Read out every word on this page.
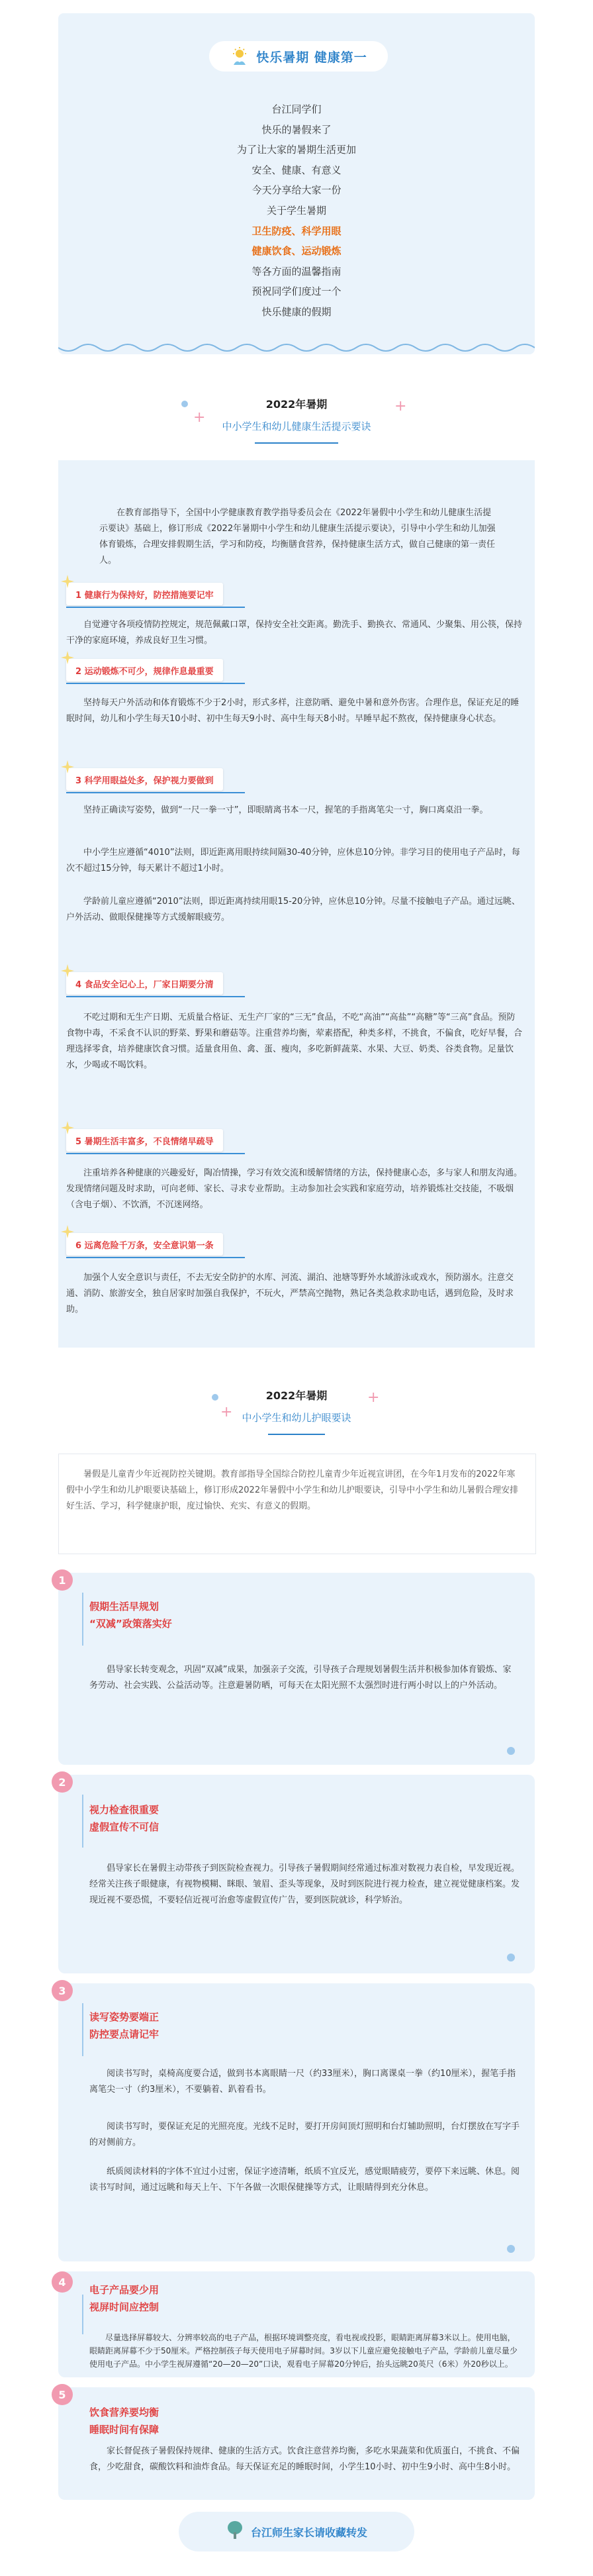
快乐暑期 健康第一
台江同学们
快乐的暑假来了
为了让大家的暑期生活更加
安全、健康、有意义
今天分享给大家一份
关于学生暑期
卫生防疫、科学用眼
健康饮食、运动锻炼
等各方面的温馨指南
预祝同学们度过一个
快乐健康的假期
+
+
2022年暑期
中小学生和幼儿健康生活提示要诀
在教育部指导下，全国中小学健康教育教学指导委员会在《2022年暑假中小学生和幼儿健康生活提示要诀》基础上，修订形成《2022年暑期中小学生和幼儿健康生活提示要诀》，引导中小学生和幼儿加强体育锻炼，合理安排假期生活，学习和防疫，均衡膳食营养，保持健康生活方式，做自己健康的第一责任人。
1 健康行为保持好，防控措施要记牢
自觉遵守各项疫情防控规定，规范佩戴口罩，保持安全社交距离。勤洗手、勤换衣、常通风、少聚集、用公筷，保持干净的家庭环境，养成良好卫生习惯。
2 运动锻炼不可少，规律作息最重要
坚持每天户外活动和体育锻炼不少于2小时，形式多样，注意防晒、避免中暑和意外伤害。合理作息，保证充足的睡眠时间，幼儿和小学生每天10小时、初中生每天9小时、高中生每天8小时。早睡早起不熬夜，保持健康身心状态。
3 科学用眼益处多，保护视力要做到
坚持正确读写姿势，做到“一尺一拳一寸”，即眼睛离书本一尺，握笔的手指离笔尖一寸，胸口离桌沿一拳。
中小学生应遵循“4010”法则，即近距离用眼持续间隔30-40分钟，应休息10分钟。非学习目的使用电子产品时，每次不超过15分钟，每天累计不超过1小时。
学龄前儿童应遵循“2010”法则，即近距离持续用眼15-20分钟，应休息10分钟。尽量不接触电子产品。通过远眺、户外活动、做眼保健操等方式缓解眼疲劳。
4 食品安全记心上，厂家日期要分清
不吃过期和无生产日期、无质量合格证、无生产厂家的“三无”食品，不吃“高油”“高盐”“高糖”等“三高”食品。预防食物中毒，不采食不认识的野菜、野果和蘑菇等。注重营养均衡，荤素搭配，种类多样，不挑食，不偏食，吃好早餐，合理选择零食，培养健康饮食习惯。适量食用鱼、禽、蛋、瘦肉，多吃新鲜蔬菜、水果、大豆、奶类、谷类食物。足量饮水，少喝或不喝饮料。
5 暑期生活丰富多，不良情绪早疏导
注重培养各种健康的兴趣爱好，陶冶情操，学习有效交流和缓解情绪的方法，保持健康心态，多与家人和朋友沟通。发现情绪问题及时求助，可向老师、家长、寻求专业帮助。主动参加社会实践和家庭劳动，培养锻炼社交技能，不吸烟（含电子烟）、不饮酒，不沉迷网络。
6 远离危险千万条，安全意识第一条
加强个人安全意识与责任，不去无安全防护的水库、河流、湖泊、池塘等野外水域游泳或戏水，预防溺水。注意交通、消防、旅游安全，独自居家时加强自我保护，不玩火，严禁高空抛物，熟记各类急救求助电话，遇到危险，及时求助。
+
+
2022年暑期
中小学生和幼儿护眼要诀
暑假是儿童青少年近视防控关键期。教育部指导全国综合防控儿童青少年近视宣讲团，在今年1月发布的2022年寒假中小学生和幼儿护眼要诀基础上，修订形成2022年暑假中小学生和幼儿护眼要诀，引导中小学生和幼儿暑假合理安排好生活、学习，科学健康护眼，度过愉快、充实、有意义的假期。
1
假期生活早规划
“双减”政策落实好
倡导家长转变观念，巩固“双减”成果，加强亲子交流，引导孩子合理规划暑假生活并积极参加体育锻炼、家务劳动、社会实践、公益活动等。注意避暑防晒，可每天在太阳光照不太强烈时进行两小时以上的户外活动。
2
视力检查很重要
虚假宣传不可信
倡导家长在暑假主动带孩子到医院检查视力。引导孩子暑假期间经常通过标准对数视力表自检，早发现近视。经常关注孩子眼健康，有视物模糊、眯眼、皱眉、歪头等现象，及时到医院进行视力检查，建立视觉健康档案。发现近视不要恐慌，不要轻信近视可治愈等虚假宣传广告，要到医院就诊，科学矫治。
3
读写姿势要端正
防控要点请记牢
阅读书写时，桌椅高度要合适，做到书本离眼睛一尺（约33厘米），胸口离课桌一拳（约10厘米），握笔手指离笔尖一寸（约3厘米），不要躺着、趴着看书。
阅读书写时，要保证充足的光照亮度。光线不足时，要打开房间顶灯照明和台灯辅助照明，台灯摆放在写字手的对侧前方。
纸质阅读材料的字体不宜过小过密，保证字迹清晰，纸质不宜反光，感觉眼睛疲劳，要停下来远眺、休息。阅读书写时间，通过远眺和每天上午、下午各做一次眼保健操等方式，让眼睛得到充分休息。
4
电子产品要少用
视屏时间应控制
尽量选择屏幕较大、分辨率较高的电子产品，根据环境调整亮度，看电视或投影，眼睛距离屏幕3米以上。使用电脑，眼睛距离屏幕不少于50厘米。严格控制孩子每天使用电子屏幕时间。3岁以下儿童应避免接触电子产品，学龄前儿童尽量少使用电子产品。中小学生视屏遵循“20—20—20”口诀，观看电子屏幕20分钟后，抬头远眺20英尺（6米）外20秒以上。
台江师生家长请收藏转发
5
饮食营养要均衡
睡眠时间有保障
家长督促孩子暑假保持规律、健康的生活方式。饮食注意营养均衡，多吃水果蔬菜和优质蛋白，不挑食、不偏食，少吃甜食，碳酸饮料和油炸食品。每天保证充足的睡眠时间，小学生10小时、初中生9小时、高中生8小时。
